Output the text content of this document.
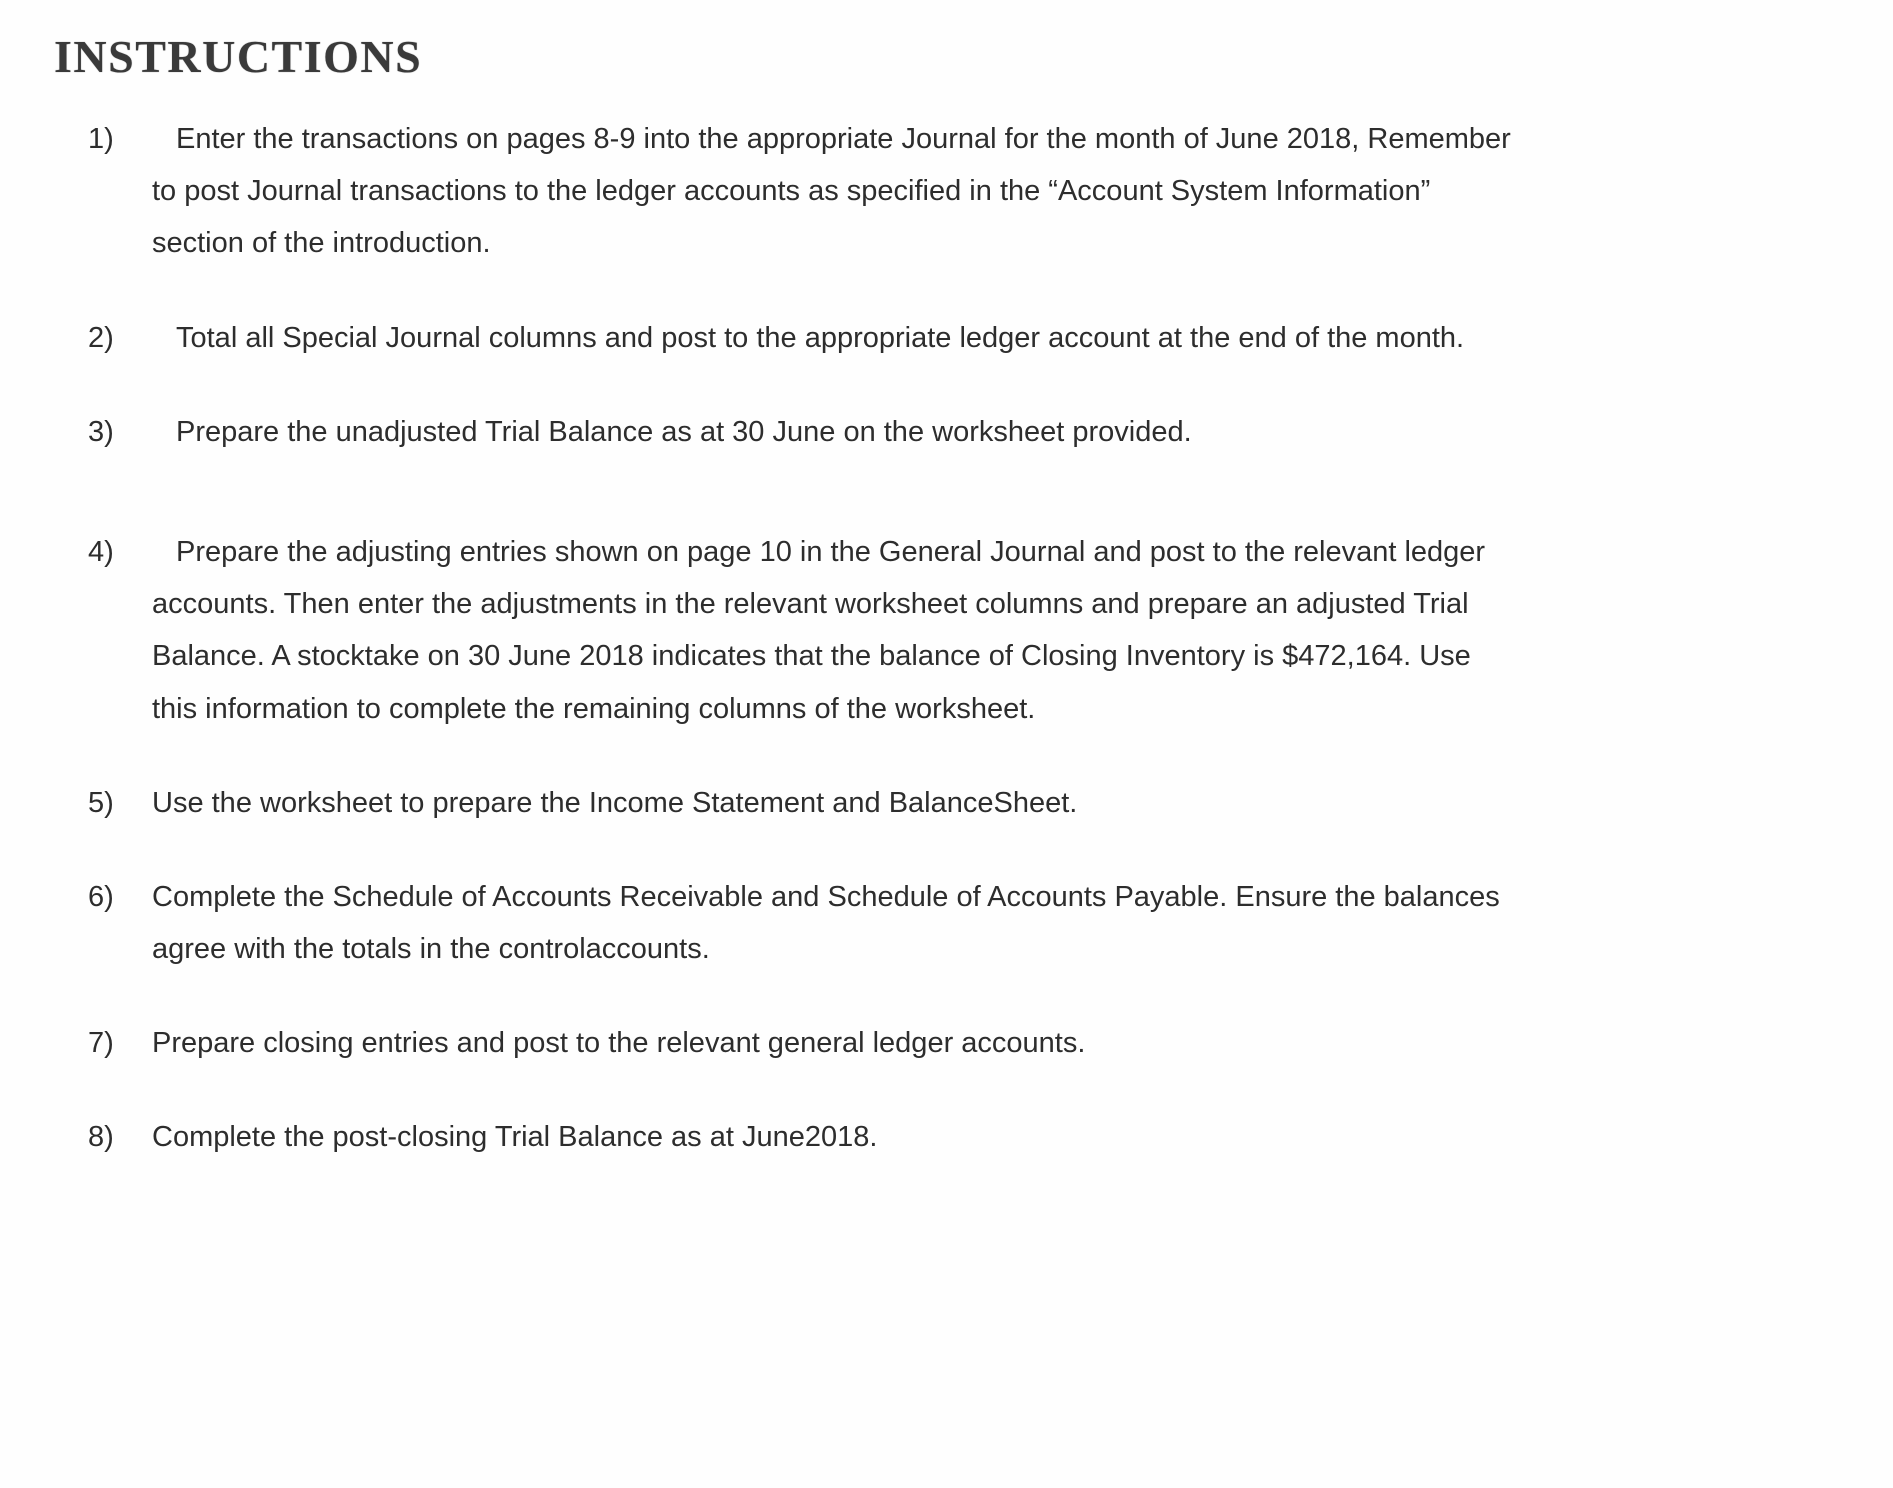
INSTRUCTIONS
1)	Enter the transactions on pages 8-9 into the appropriate Journal for the month of June 2018, Remember to post Journal transactions to the ledger accounts as specified in the “Account System Information” section of the introduction.

2)	Total all Special Journal columns and post to the appropriate ledger account at the end of the month.

3)	Prepare the unadjusted Trial Balance as at 30 June on the worksheet provided.

4)	Prepare the adjusting entries shown on page 10 in the General Journal and post to the relevant ledger accounts. Then enter the adjustments in the relevant worksheet columns and prepare an adjusted Trial Balance. A stocktake on 30 June 2018 indicates that the balance of Closing Inventory is $472,164. Use this information to complete the remaining columns of the worksheet.

5)	Use the worksheet to prepare the Income Statement and BalanceSheet.

6)	Complete the Schedule of Accounts Receivable and Schedule of Accounts Payable. Ensure the balances agree with the totals in the controlaccounts.

7)	Prepare closing entries and post to the relevant general ledger accounts.

8)	Complete the post-closing Trial Balance as at June2018.
